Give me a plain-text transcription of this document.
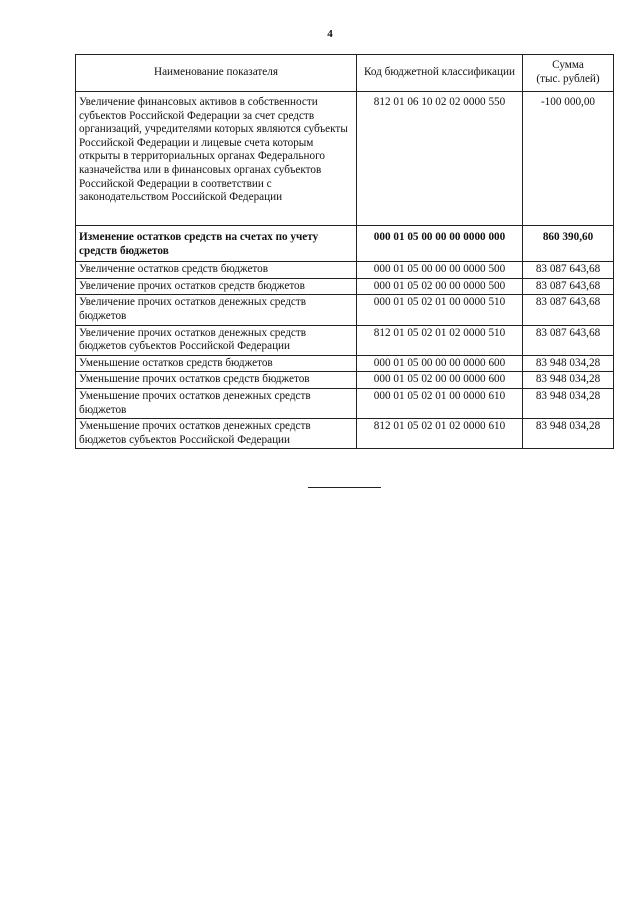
4
Наименование показателя	Код бюджетной классификации	Сумма
(тыс. рублей)
Увеличение финансовых активов в собственности субъектов Российской Федерации за счет средств организаций, учредителями которых являются субъекты Российской Федерации и лицевые счета которым открыты в территориальных органах Федерального казначейства или в финансовых органах субъектов Российской Федерации в соответствии с законодательством Российской Федерации	812 01 06 10 02 02 0000 550	-100 000,00
Изменение остатков средств на счетах по учету средств бюджетов	000 01 05 00 00 00 0000 000	860 390,60
Увеличение остатков средств бюджетов	000 01 05 00 00 00 0000 500	83 087 643,68
Увеличение прочих остатков средств бюджетов	000 01 05 02 00 00 0000 500	83 087 643,68
Увеличение прочих остатков денежных средств бюджетов	000 01 05 02 01 00 0000 510	83 087 643,68
Увеличение прочих остатков денежных средств бюджетов субъектов Российской Федерации	812 01 05 02 01 02 0000 510	83 087 643,68
Уменьшение остатков средств бюджетов	000 01 05 00 00 00 0000 600	83 948 034,28
Уменьшение прочих остатков средств бюджетов	000 01 05 02 00 00 0000 600	83 948 034,28
Уменьшение прочих остатков денежных средств бюджетов	000 01 05 02 01 00 0000 610	83 948 034,28
Уменьшение прочих остатков денежных средств бюджетов субъектов Российской Федерации	812 01 05 02 01 02 0000 610	83 948 034,28
